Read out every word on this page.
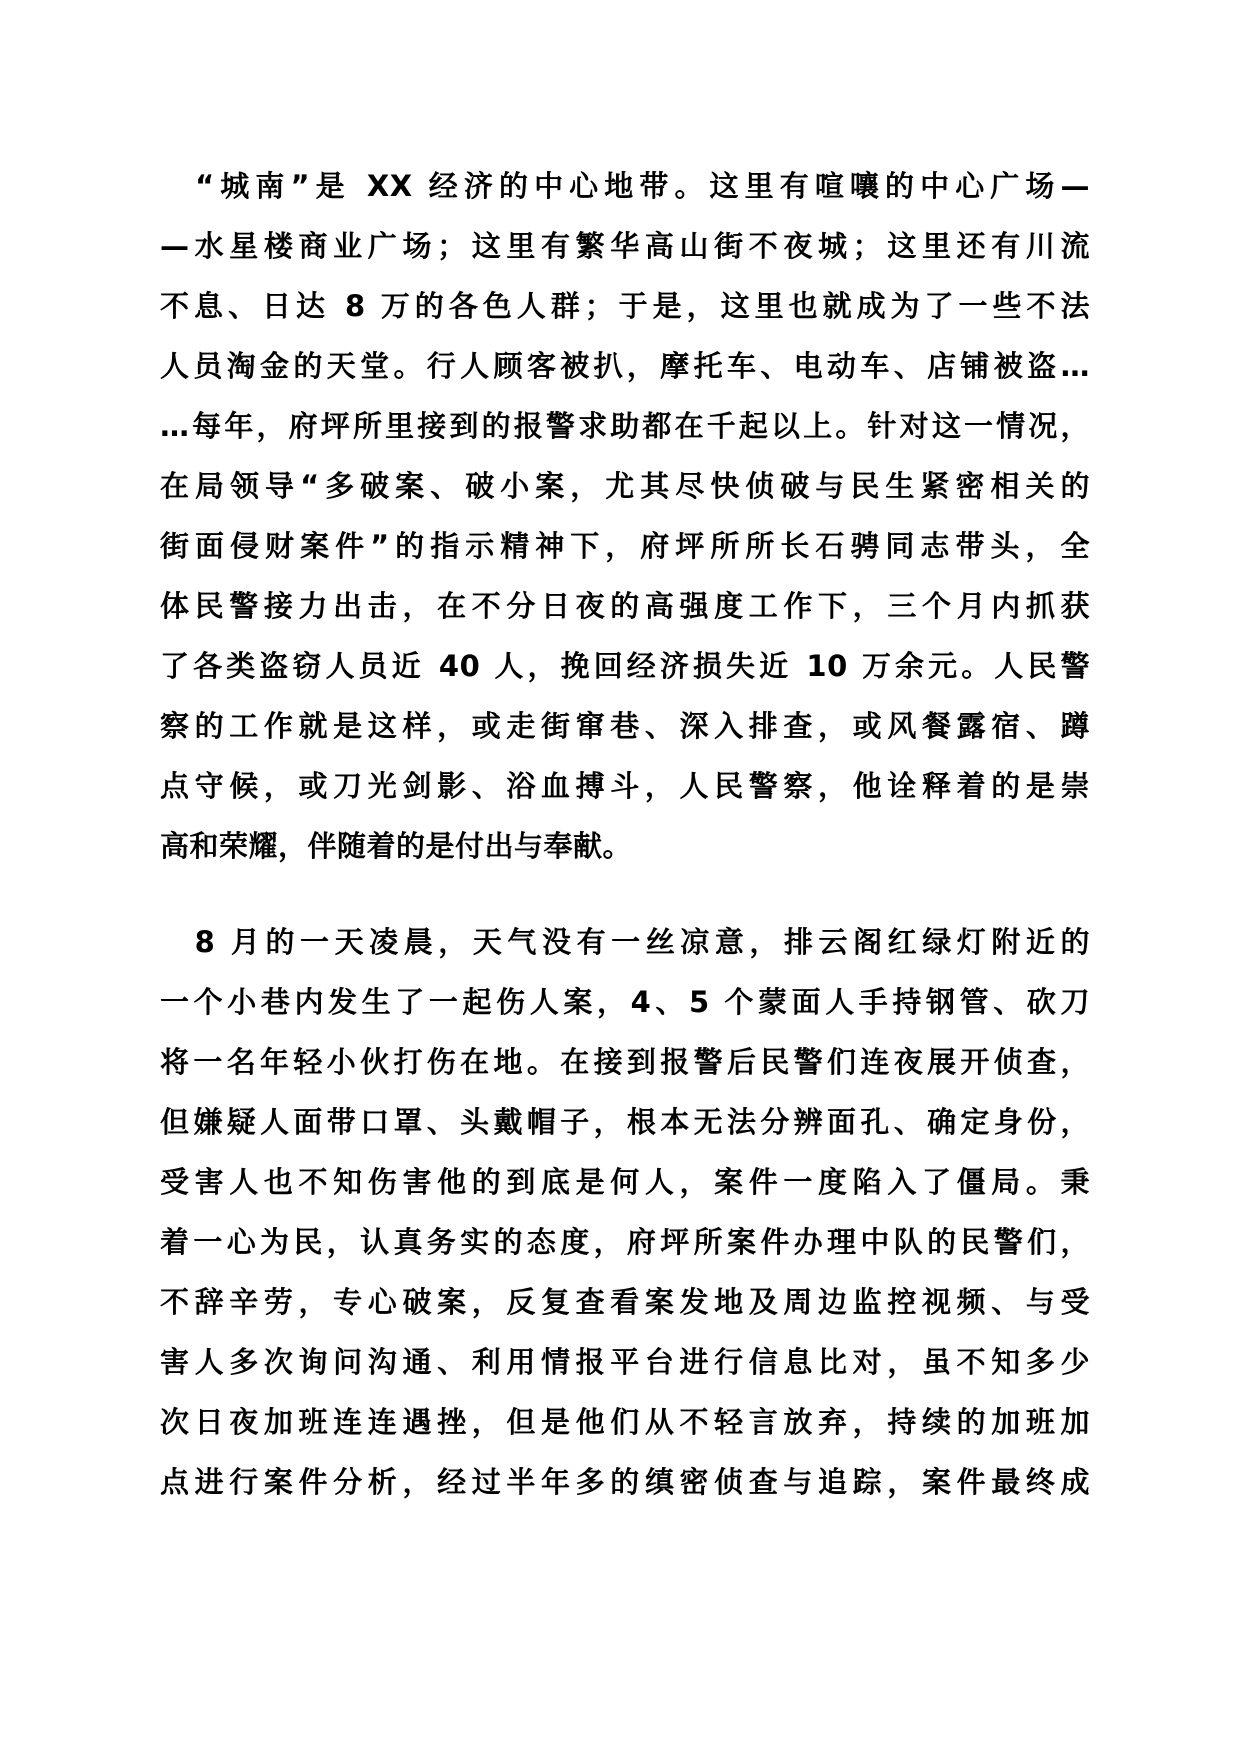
　“城南”是 XX 经济的中心地带。这里有喧嚷的中心广场—
—水星楼商业广场；这里有繁华高山街不夜城；这里还有川流
不息、日达 8 万的各色人群；于是，这里也就成为了一些不法
人员淘金的天堂。行人顾客被扒，摩托车、电动车、店铺被盗…
…每年，府坪所里接到的报警求助都在千起以上。针对这一情况，
在局领导“多破案、破小案，尤其尽快侦破与民生紧密相关的
街面侵财案件”的指示精神下，府坪所所长石骋同志带头，全
体民警接力出击，在不分日夜的高强度工作下，三个月内抓获
了各类盗窃人员近 40 人，挽回经济损失近 10 万余元。人民警
察的工作就是这样，或走街窜巷、深入排查，或风餐露宿、蹲
点守候，或刀光剑影、浴血搏斗，人民警察，他诠释着的是崇
高和荣耀，伴随着的是付出与奉献。
　8 月的一天凌晨，天气没有一丝凉意，排云阁红绿灯附近的
一个小巷内发生了一起伤人案，4、5 个蒙面人手持钢管、砍刀
将一名年轻小伙打伤在地。在接到报警后民警们连夜展开侦查，
但嫌疑人面带口罩、头戴帽子，根本无法分辨面孔、确定身份，
受害人也不知伤害他的到底是何人，案件一度陷入了僵局。秉
着一心为民，认真务实的态度，府坪所案件办理中队的民警们，
不辞辛劳，专心破案，反复查看案发地及周边监控视频、与受
害人多次询问沟通、利用情报平台进行信息比对，虽不知多少
次日夜加班连连遇挫，但是他们从不轻言放弃，持续的加班加
点进行案件分析，经过半年多的缜密侦查与追踪，案件最终成
